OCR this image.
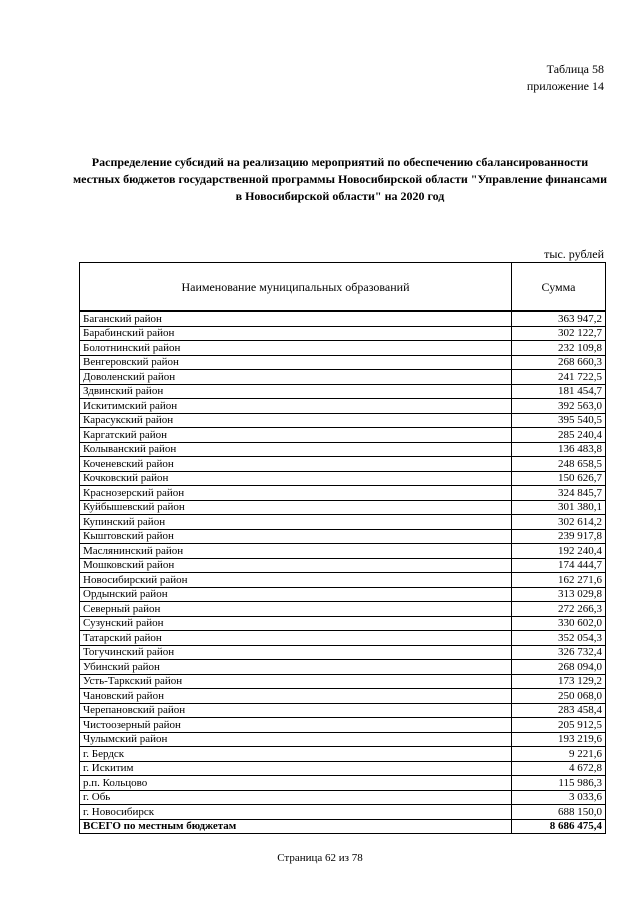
Таблица 58
приложение 14
Распределение субсидий на реализацию мероприятий по обеспечению сбалансированности местных бюджетов государственной программы Новосибирской области "Управление финансами в Новосибирской области" на 2020 год
тыс. рублей
Наименование муниципальных образований	Сумма
Баганский район	363 947,2
Барабинский район	302 122,7
Болотнинский район	232 109,8
Венгеровский район	268 660,3
Доволенский район	241 722,5
Здвинский район	181 454,7
Искитимский район	392 563,0
Карасукский район	395 540,5
Каргатский район	285 240,4
Колыванский район	136 483,8
Коченевский район	248 658,5
Кочковский район	150 626,7
Краснозерский район	324 845,7
Куйбышевский район	301 380,1
Купинский район	302 614,2
Кыштовский район	239 917,8
Маслянинский район	192 240,4
Мошковский район	174 444,7
Новосибирский район	162 271,6
Ордынский район	313 029,8
Северный район	272 266,3
Сузунский район	330 602,0
Татарский район	352 054,3
Тогучинский район	326 732,4
Убинский район	268 094,0
Усть-Таркский район	173 129,2
Чановский район	250 068,0
Черепановский район	283 458,4
Чистоозерный район	205 912,5
Чулымский район	193 219,6
г. Бердск	9 221,6
г. Искитим	4 672,8
р.п. Кольцово	115 986,3
г. Обь	3 033,6
г. Новосибирск	688 150,0
ВСЕГО по местным бюджетам	8 686 475,4
Страница 62 из 78
